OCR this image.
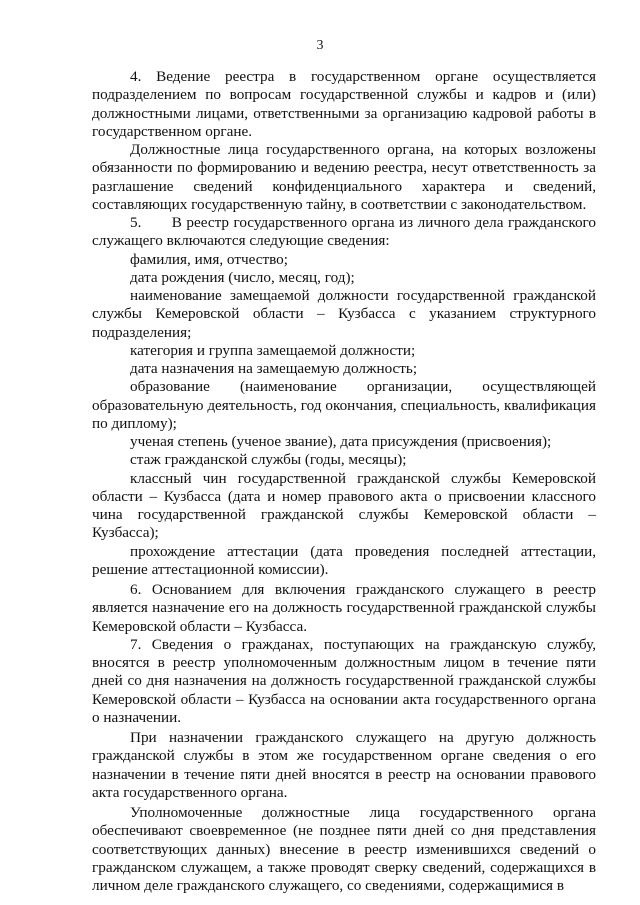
3

4. Ведение реестра в государственном органе осуществляется подразделением по вопросам государственной службы и кадров и (или) должностными лицами, ответственными за организацию кадровой работы в государственном органе.

Должностные лица государственного органа, на которых возложены обязанности по формированию и ведению реестра, несут ответственность за разглашение сведений конфиденциального характера и сведений, составляющих государственную тайну, в соответствии с законодательством.

5.  В реестр государственного органа из личного дела гражданского служащего включаются следующие сведения:

фамилия, имя, отчество;

дата рождения (число, месяц, год);

наименование замещаемой должности государственной гражданской службы Кемеровской области – Кузбасса с указанием структурного подразделения;

категория и группа замещаемой должности;

дата назначения на замещаемую должность;

образование (наименование организации, осуществляющей образовательную деятельность, год окончания, специальность, квалификация по диплому);

ученая степень (ученое звание), дата присуждения (присвоения);

стаж гражданской службы (годы, месяцы);

классный чин государственной гражданской службы Кемеровской области – Кузбасса (дата и номер правового акта о присвоении классного чина государственной гражданской службы Кемеровской области – Кузбасса);

прохождение аттестации (дата проведения последней аттестации, решение аттестационной комиссии).

6. Основанием для включения гражданского служащего в реестр является назначение его на должность государственной гражданской службы Кемеровской области – Кузбасса.

7. Сведения о гражданах, поступающих на гражданскую службу, вносятся в реестр уполномоченным должностным лицом в течение пяти дней со дня назначения на должность государственной гражданской службы Кемеровской области – Кузбасса на основании акта государственного органа о назначении.

При назначении гражданского служащего на другую должность гражданской службы в этом же государственном органе сведения о его назначении в течение пяти дней вносятся в реестр на основании правового акта государственного органа.

Уполномоченные должностные лица государственного органа обеспечивают своевременное (не позднее пяти дней со дня представления соответствующих данных) внесение в реестр изменившихся сведений о гражданском служащем, а также проводят сверку сведений, содержащихся в личном деле гражданского служащего, со сведениями, содержащимися в
